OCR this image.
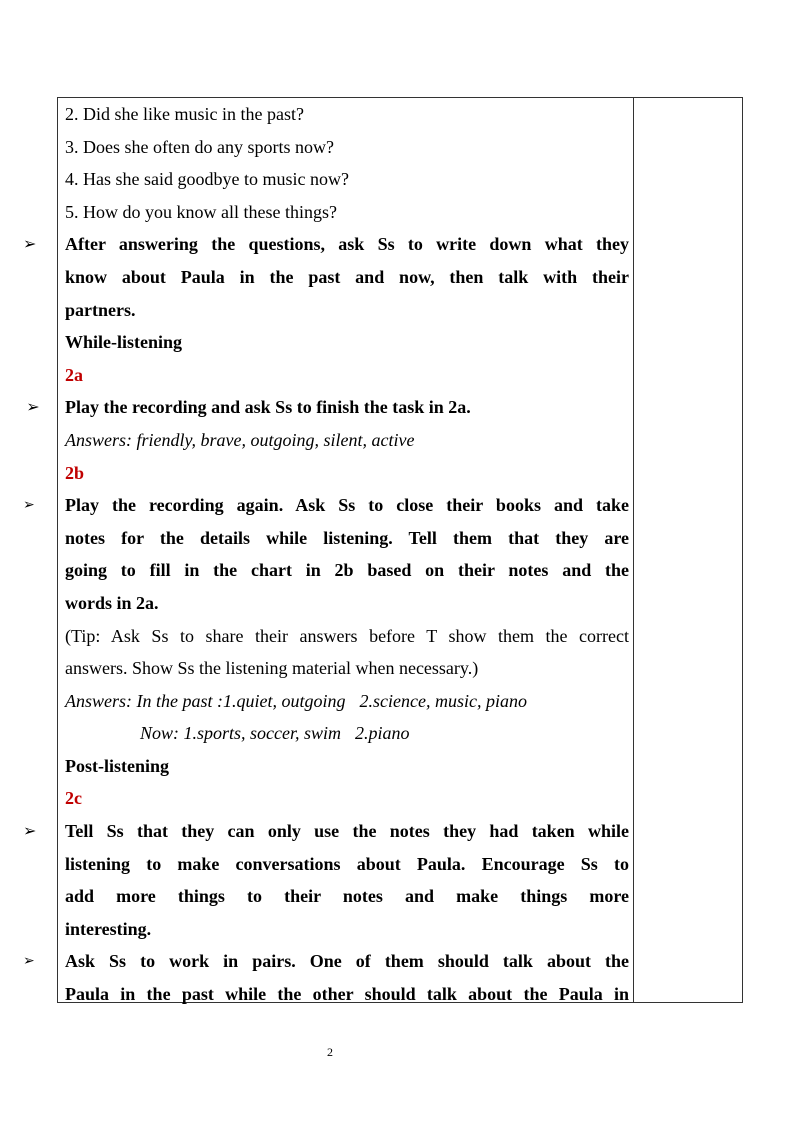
2. Did she like music in the past?

3. Does she often do any sports now?

4. Has she said goodbye to music now?

5. How do you know all these things?

➢	After answering the questions, ask Ss to write down what they

know about Paula in the past and now, then talk with their

partners.

While-listening

2a

➢ Play the recording and ask Ss to finish the task in 2a.

Answers: friendly, brave, outgoing, silent, active

2b

➢	Play the recording again. Ask Ss to close their books and take

notes for the details while listening. Tell them that they are

going to fill in the chart in 2b based on their notes and the

words in 2a.

(Tip: Ask Ss to share their answers before T show them the correct

answers. Show Ss the listening material when necessary.)

Answers: In the past :1.quiet, outgoing 2.science, music, piano

Now: 1.sports, soccer, swim 2.piano

Post-listening

2c

➢	Tell Ss that they can only use the notes they had taken while

listening to make conversations about Paula. Encourage Ss to

add more things to their notes and make things more

interesting.

➢	Ask Ss to work in pairs. One of them should talk about the

Paula in the past while the other should talk about the Paula in

2
